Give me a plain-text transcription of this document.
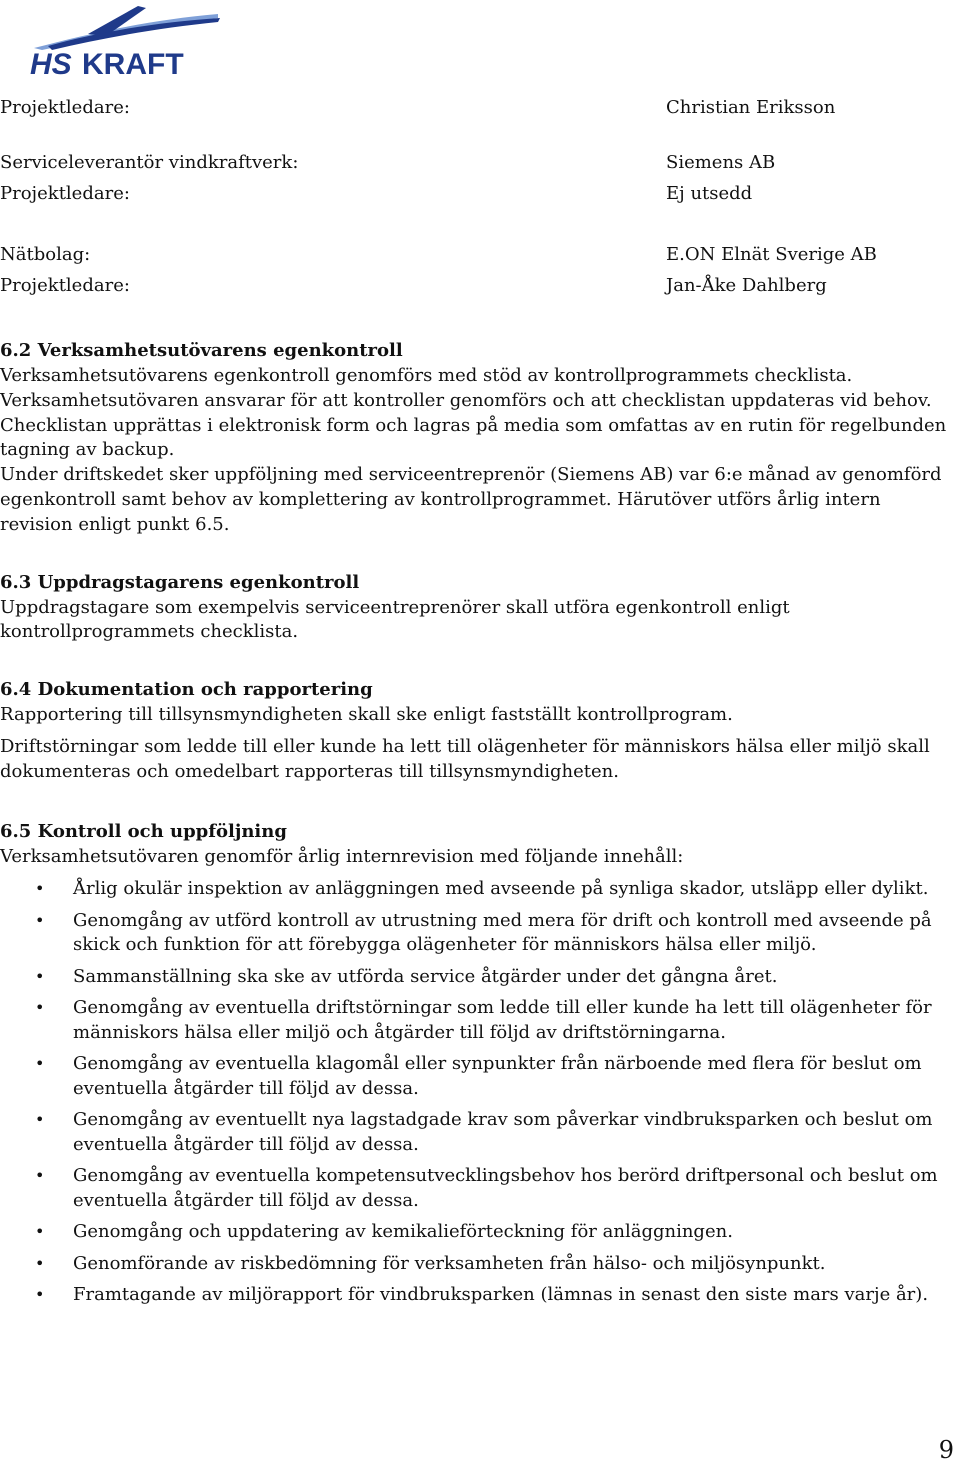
HS KRAFT
Projektledare:	Christian Eriksson
Serviceleverantör vindkraftverk:	Siemens AB
Projektledare:	Ej utsedd
Nätbolag:	E.ON Elnät Sverige AB
Projektledare:	Jan-Åke Dahlberg
6.2 Verksamhetsutövarens egenkontroll

Verksamhetsutövarens egenkontroll genomförs med stöd av kontrollprogrammets checklista. Verksamhetsutövaren ansvarar för att kontroller genomförs och att checklistan uppdateras vid behov. Checklistan upprättas i elektronisk form och lagras på media som omfattas av en rutin för regelbunden tagning av backup.

Under driftskedet sker uppföljning med serviceentreprenör (Siemens AB) var 6:e månad av genomförd egenkontroll samt behov av komplettering av kontrollprogrammet. Härutöver utförs årlig intern revision enligt punkt 6.5.

6.3 Uppdragstagarens egenkontroll

Uppdragstagare som exempelvis serviceentreprenörer skall utföra egenkontroll enligt kontrollprogrammets checklista.

6.4 Dokumentation och rapportering

Rapportering till tillsynsmyndigheten skall ske enligt fastställt kontrollprogram.

Driftstörningar som ledde till eller kunde ha lett till olägenheter för människors hälsa eller miljö skall dokumenteras och omedelbart rapporteras till tillsynsmyndigheten.

6.5 Kontroll och uppföljning

Verksamhetsutövaren genomför årlig internrevision med följande innehåll:

• Årlig okulär inspektion av anläggningen med avseende på synliga skador, utsläpp eller dylikt.
• Genomgång av utförd kontroll av utrustning med mera för drift och kontroll med avseende på skick och funktion för att förebygga olägenheter för människors hälsa eller miljö.
• Sammanställning ska ske av utförda service åtgärder under det gångna året.
• Genomgång av eventuella driftstörningar som ledde till eller kunde ha lett till olägenheter för människors hälsa eller miljö och åtgärder till följd av driftstörningarna.
• Genomgång av eventuella klagomål eller synpunkter från närboende med flera för beslut om eventuella åtgärder till följd av dessa.
• Genomgång av eventuellt nya lagstadgade krav som påverkar vindbruksparken och beslut om eventuella åtgärder till följd av dessa.
• Genomgång av eventuella kompetensutvecklingsbehov hos berörd driftpersonal och beslut om eventuella åtgärder till följd av dessa.
• Genomgång och uppdatering av kemikalieförteckning för anläggningen.
• Genomförande av riskbedömning för verksamheten från hälso- och miljösynpunkt.
• Framtagande av miljörapport för vindbruksparken (lämnas in senast den siste mars varje år).
9
